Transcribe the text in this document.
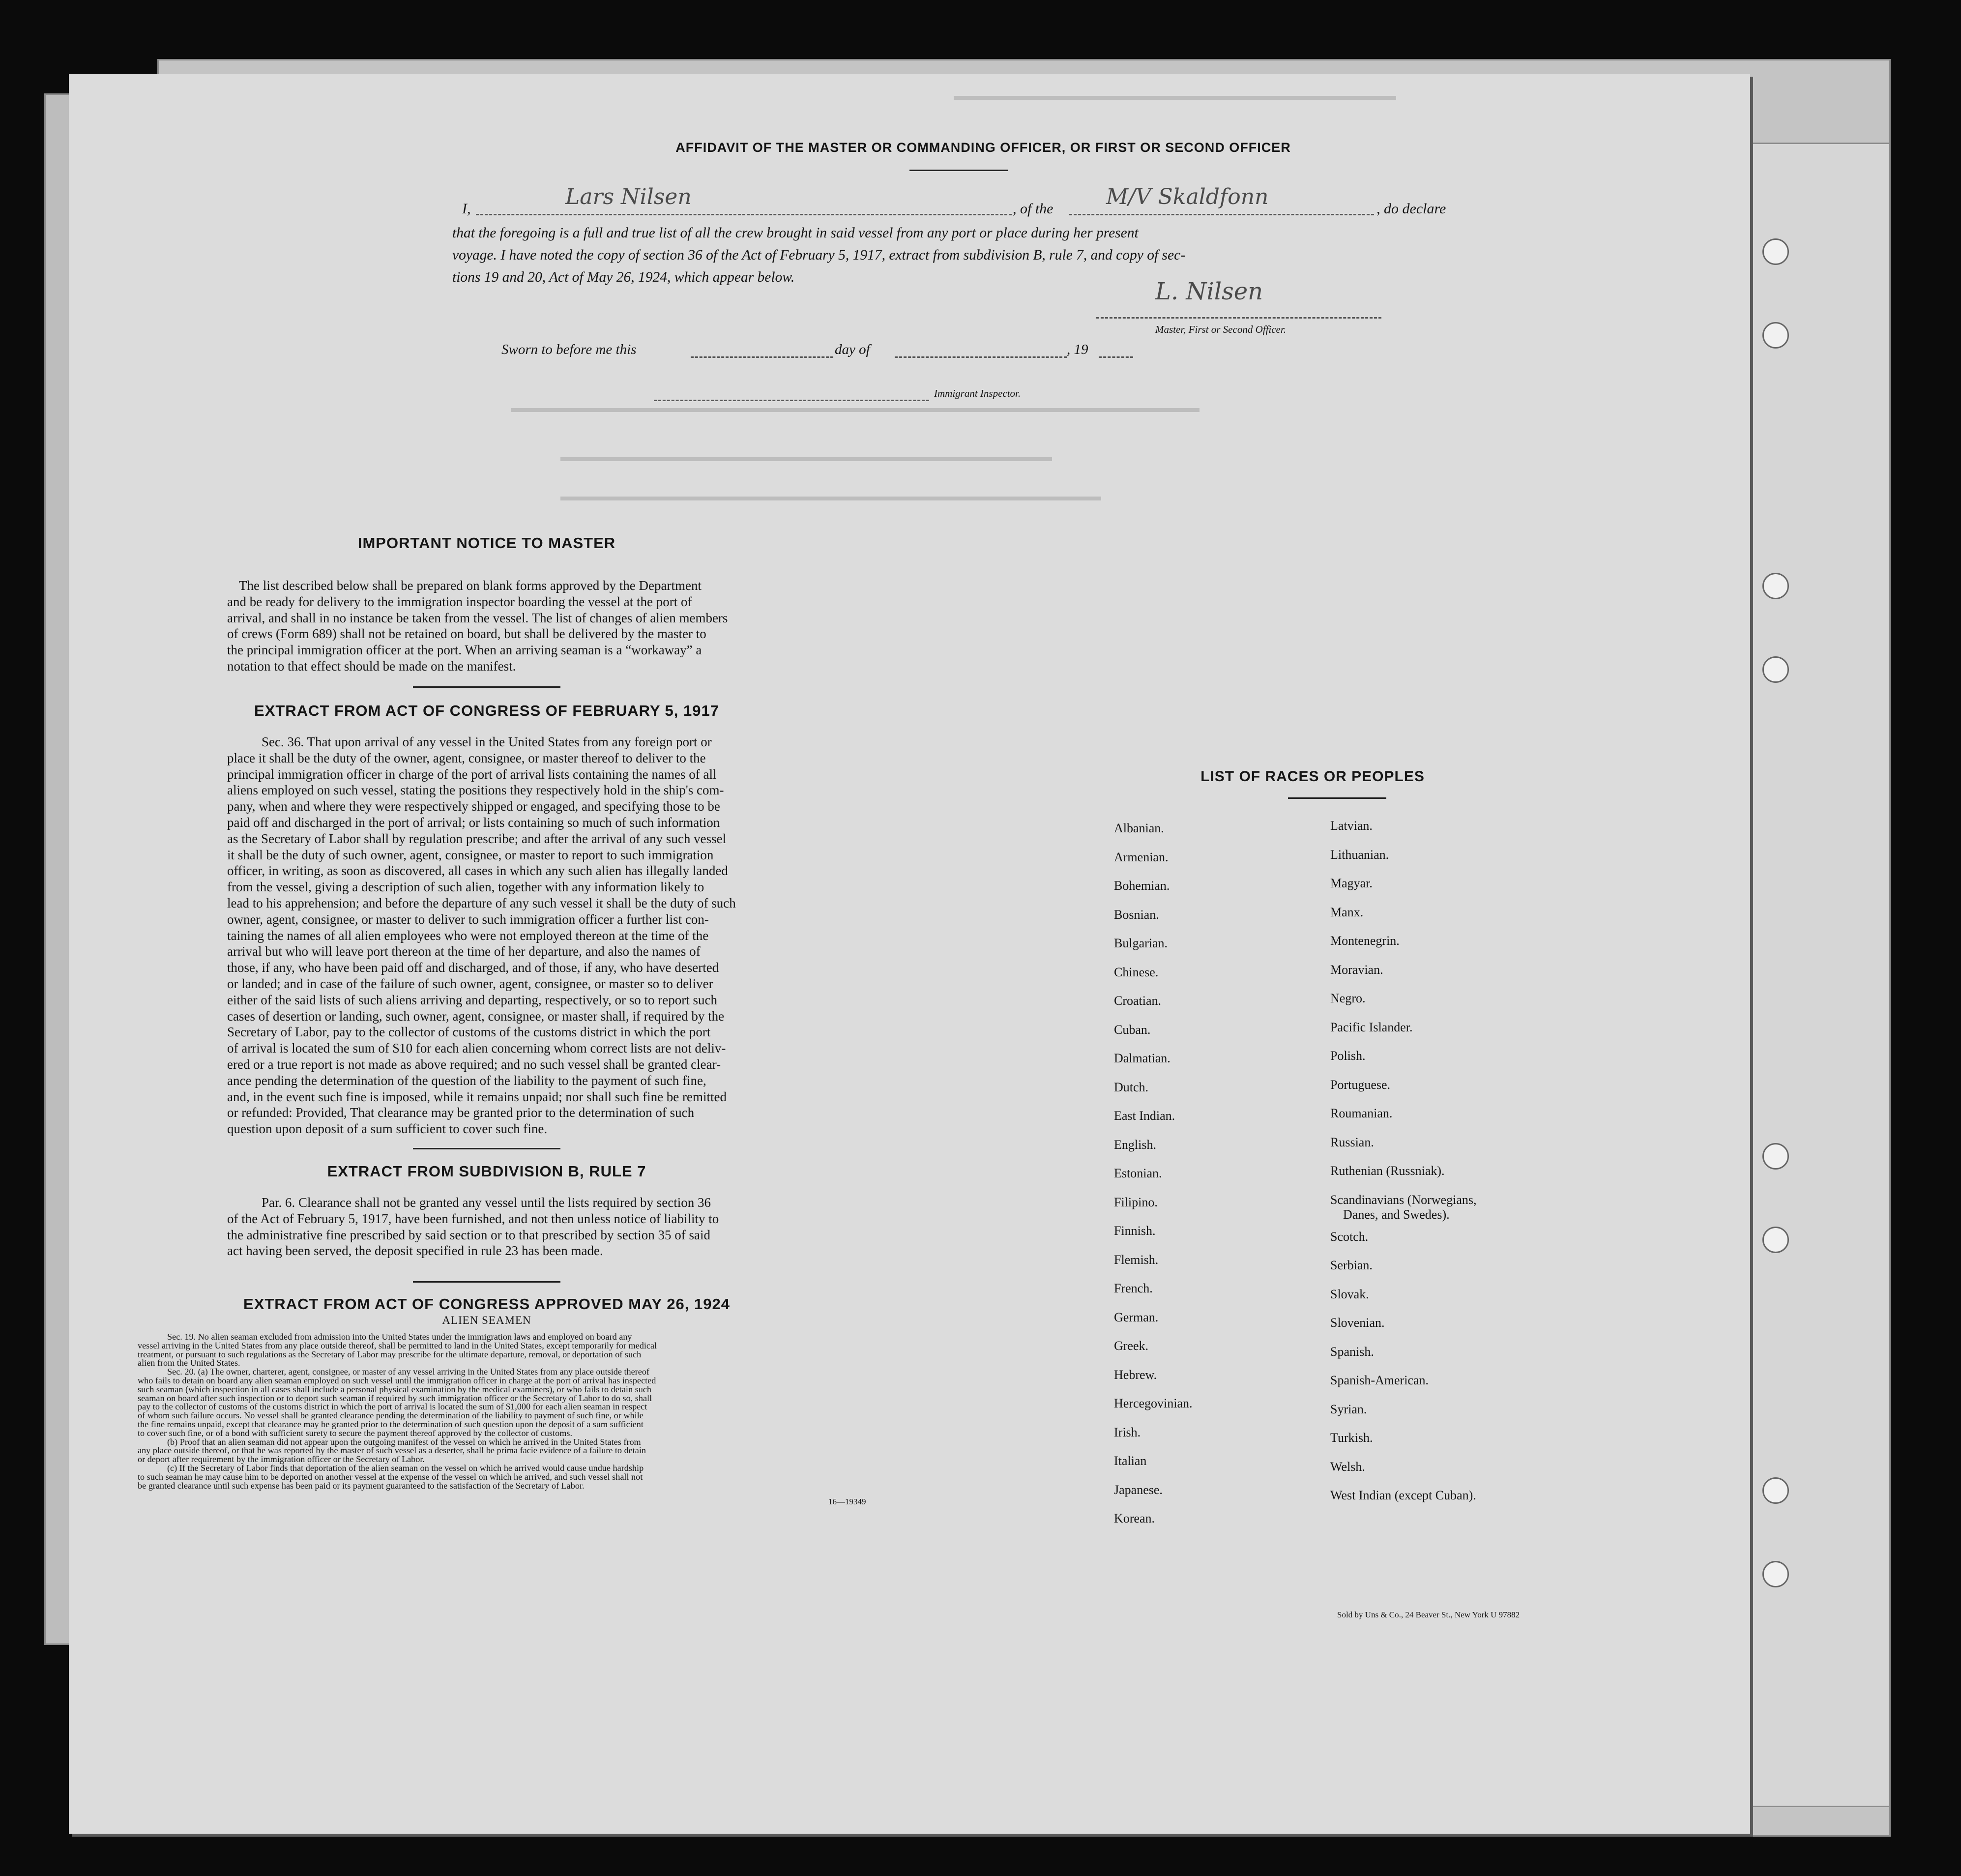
AFFIDAVIT OF THE MASTER OR COMMANDING OFFICER, OR FIRST OR SECOND OFFICER
I,	Lars Nilsen	, of the M/V Skaldfonn	, do declare
that the foregoing is a full and true list of all the crew brought in said vessel from any port or place during her present
voyage. I have noted the copy of section 36 of the Act of February 5, 1917, extract from subdivision B, rule 7, and copy of sec-
tions 19 and 20, Act of May 26, 1924, which appear below.
L. Nilsen
Master, First or Second Officer.
Sworn to before me this	day of	, 19
Immigrant Inspector.
IMPORTANT NOTICE TO MASTER
The list described below shall be prepared on blank forms approved by the Department
and be ready for delivery to the immigration inspector boarding the vessel at the port of
arrival, and shall in no instance be taken from the vessel. The list of changes of alien members
of crews (Form 689) shall not be retained on board, but shall be delivered by the master to
the principal immigration officer at the port. When an arriving seaman is a “workaway” a
notation to that effect should be made on the manifest.
EXTRACT FROM ACT OF CONGRESS OF FEBRUARY 5, 1917
Sec. 36. That upon arrival of any vessel in the United States from any foreign port or
place it shall be the duty of the owner, agent, consignee, or master thereof to deliver to the
principal immigration officer in charge of the port of arrival lists containing the names of all
aliens employed on such vessel, stating the positions they respectively hold in the ship's com-
pany, when and where they were respectively shipped or engaged, and specifying those to be
paid off and discharged in the port of arrival; or lists containing so much of such information
as the Secretary of Labor shall by regulation prescribe; and after the arrival of any such vessel
it shall be the duty of such owner, agent, consignee, or master to report to such immigration
officer, in writing, as soon as discovered, all cases in which any such alien has illegally landed
from the vessel, giving a description of such alien, together with any information likely to
lead to his apprehension; and before the departure of any such vessel it shall be the duty of such
owner, agent, consignee, or master to deliver to such immigration officer a further list con-
taining the names of all alien employees who were not employed thereon at the time of the
arrival but who will leave port thereon at the time of her departure, and also the names of
those, if any, who have been paid off and discharged, and of those, if any, who have deserted
or landed; and in case of the failure of such owner, agent, consignee, or master so to deliver
either of the said lists of such aliens arriving and departing, respectively, or so to report such
cases of desertion or landing, such owner, agent, consignee, or master shall, if required by the
Secretary of Labor, pay to the collector of customs of the customs district in which the port
of arrival is located the sum of $10 for each alien concerning whom correct lists are not deliv-
ered or a true report is not made as above required; and no such vessel shall be granted clear-
ance pending the determination of the question of the liability to the payment of such fine,
and, in the event such fine is imposed, while it remains unpaid; nor shall such fine be remitted
or refunded: Provided, That clearance may be granted prior to the determination of such
question upon deposit of a sum sufficient to cover such fine.
EXTRACT FROM SUBDIVISION B, RULE 7
Par. 6. Clearance shall not be granted any vessel until the lists required by section 36
of the Act of February 5, 1917, have been furnished, and not then unless notice of liability to
the administrative fine prescribed by said section or to that prescribed by section 35 of said
act having been served, the deposit specified in rule 23 has been made.
EXTRACT FROM ACT OF CONGRESS APPROVED MAY 26, 1924
ALIEN SEAMEN
Sec. 19. No alien seaman excluded from admission into the United States under the immigration laws and employed on board any
vessel arriving in the United States from any place outside thereof, shall be permitted to land in the United States, except temporarily for medical
treatment, or pursuant to such regulations as the Secretary of Labor may prescribe for the ultimate departure, removal, or deportation of such
alien from the United States.
Sec. 20. (a) The owner, charterer, agent, consignee, or master of any vessel arriving in the United States from any place outside thereof
who fails to detain on board any alien seaman employed on such vessel until the immigration officer in charge at the port of arrival has inspected
such seaman (which inspection in all cases shall include a personal physical examination by the medical examiners), or who fails to detain such
seaman on board after such inspection or to deport such seaman if required by such immigration officer or the Secretary of Labor to do so, shall
pay to the collector of customs of the customs district in which the port of arrival is located the sum of $1,000 for each alien seaman in respect
of whom such failure occurs. No vessel shall be granted clearance pending the determination of the liability to payment of such fine, or while
the fine remains unpaid, except that clearance may be granted prior to the determination of such question upon the deposit of a sum sufficient
to cover such fine, or of a bond with sufficient surety to secure the payment thereof approved by the collector of customs.
(b) Proof that an alien seaman did not appear upon the outgoing manifest of the vessel on which he arrived in the United States from
any place outside thereof, or that he was reported by the master of such vessel as a deserter, shall be prima facie evidence of a failure to detain
or deport after requirement by the immigration officer or the Secretary of Labor.
(c) If the Secretary of Labor finds that deportation of the alien seaman on the vessel on which he arrived would cause undue hardship
to such seaman he may cause him to be deported on another vessel at the expense of the vessel on which he arrived, and such vessel shall not
be granted clearance until such expense has been paid or its payment guaranteed to the satisfaction of the Secretary of Labor.
16—19349
LIST OF RACES OR PEOPLES
Albanian.
Armenian.
Bohemian.
Bosnian.
Bulgarian.
Chinese.
Croatian.
Cuban.
Dalmatian.
Dutch.
East Indian.
English.
Estonian.
Filipino.
Finnish.
Flemish.
French.
German.
Greek.
Hebrew.
Hercegovinian.
Irish.
Italian
Japanese.
Korean.
Latvian.
Lithuanian.
Magyar.
Manx.
Montenegrin.
Moravian.
Negro.
Pacific Islander.
Polish.
Portuguese.
Roumanian.
Russian.
Ruthenian (Russniak).
Scandinavians (Norwegians,
Danes, and Swedes).
Scotch.
Serbian.
Slovak.
Slovenian.
Spanish.
Spanish-American.
Syrian.
Turkish.
Welsh.
West Indian (except Cuban).
Sold by Uns & Co., 24 Beaver St., New York U 97882
